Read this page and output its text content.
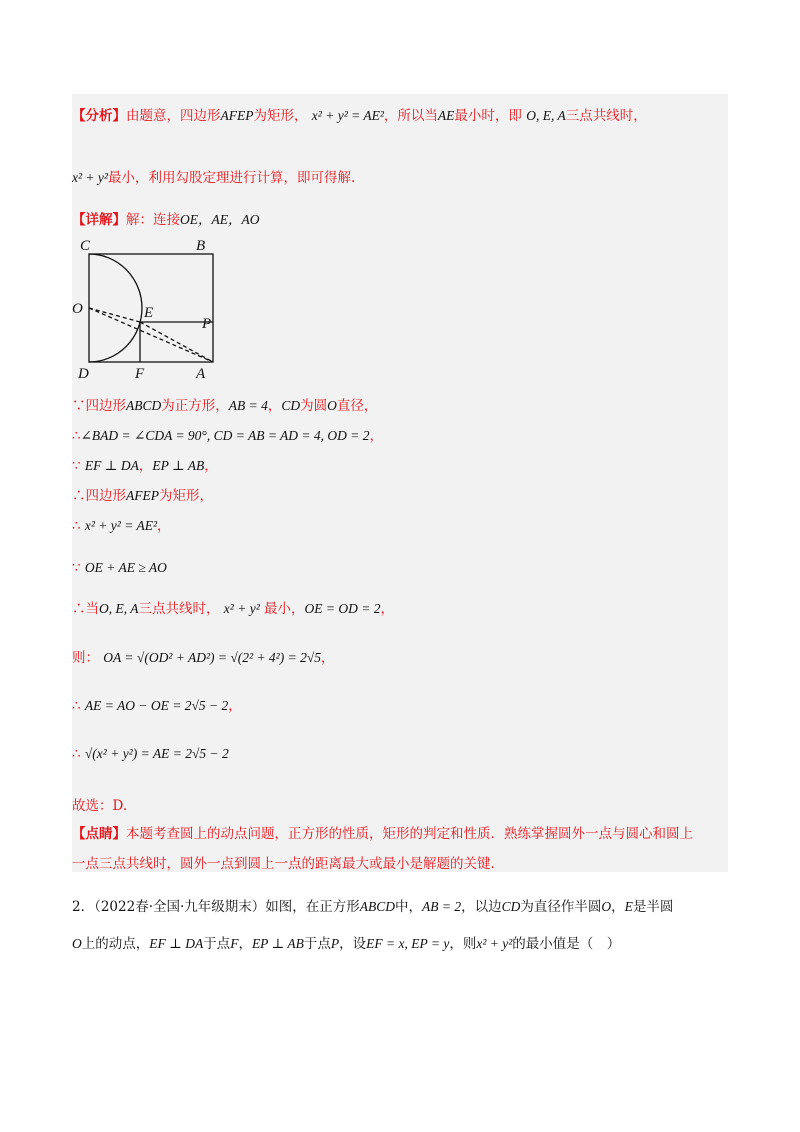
【分析】由题意，四边形AFEP为矩形， x² + y² = AE²，所以当AE最小时，即 O, E, A三点共线时，
x² + y²最小，利用勾股定理进行计算，即可得解.
【详解】解：连接OE，AE，AO
C	B
O	E
P
D	F	A
∵四边形ABCD为正方形，AB = 4，CD为圆O直径，
∴∠BAD = ∠CDA = 90°, CD = AB = AD = 4, OD = 2，
∵ EF ⊥ DA，EP ⊥ AB，
∴四边形AFEP为矩形，
∴ x² + y² = AE²，
∵ OE + AE ≥ AO
∴当O, E, A三点共线时， x² + y² 最小，OE = OD = 2，
则： OA = √(OD² + AD²) = √(2² + 4²) = 2√5，
∴ AE = AO − OE = 2√5 − 2，
∴ √(x² + y²) = AE = 2√5 − 2
故选：D.
【点睛】本题考查圆上的动点问题，正方形的性质，矩形的判定和性质．熟练掌握圆外一点与圆心和圆上
一点三点共线时，圆外一点到圆上一点的距离最大或最小是解题的关键．
2．（2022春·全国·九年级期末）如图，在正方形ABCD中，AB = 2，以边CD为直径作半圆O，E是半圆
O上的动点，EF ⊥ DA于点F，EP ⊥ AB于点P，设EF = x, EP = y，则x² + y²的最小值是（　）
